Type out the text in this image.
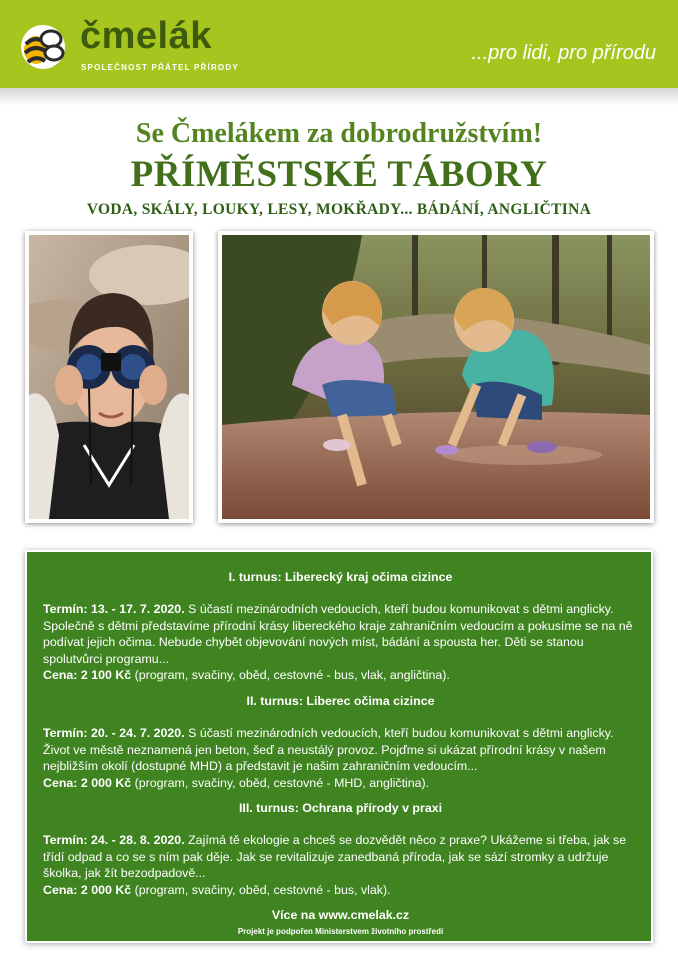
čmelák
SPOLEČNOST PŘÁTEL PŘÍRODY
...pro lidi, pro přírodu
Se Čmelákem za dobrodružstvím!
PŘÍMĚSTSKÉ TÁBORY
VODA, SKÁLY, LOUKY, LESY, MOKŘADY... BÁDÁNÍ, ANGLIČTINA

I. turnus: Liberecký kraj očima cizince

Termín: 13. - 17. 7. 2020. S účastí mezinárodních vedoucích, kteří budou komunikovat s dětmi anglicky. Společně s dětmi představíme přírodní krásy libereckého kraje zahraničním vedoucím a pokusíme se na ně podívat jejich očima. Nebude chybět objevování nových míst, bádání a spousta her. Děti se stanou spolutvůrci programu...
Cena: 2 100 Kč (program, svačiny, oběd, cestovné - bus, vlak, angličtina).

II. turnus: Liberec očima cizince

Termín: 20. - 24. 7. 2020. S účastí mezinárodních vedoucích, kteří budou komunikovat s dětmi anglicky. Život ve městě neznamená jen beton, šeď a neustálý provoz. Pojďme si ukázat přírodní krásy v našem nejbližším okolí (dostupné MHD) a představit je našim zahraničním vedoucím...
Cena: 2 000 Kč (program, svačiny, oběd, cestovné - MHD, angličtina).

III. turnus: Ochrana přírody v praxi

Termín: 24. - 28. 8. 2020. Zajímá tě ekologie a chceš se dozvědět něco z praxe? Ukážeme si třeba, jak se třídí odpad a co se s ním pak děje. Jak se revitalizuje zanedbaná příroda, jak se sází stromky a udržuje školka, jak žít bezodpadově...
Cena: 2 000 Kč (program, svačiny, oběd, cestovné - bus, vlak).

Více na www.cmelak.cz

Projekt je podpořen Ministerstvem životního prostředí
